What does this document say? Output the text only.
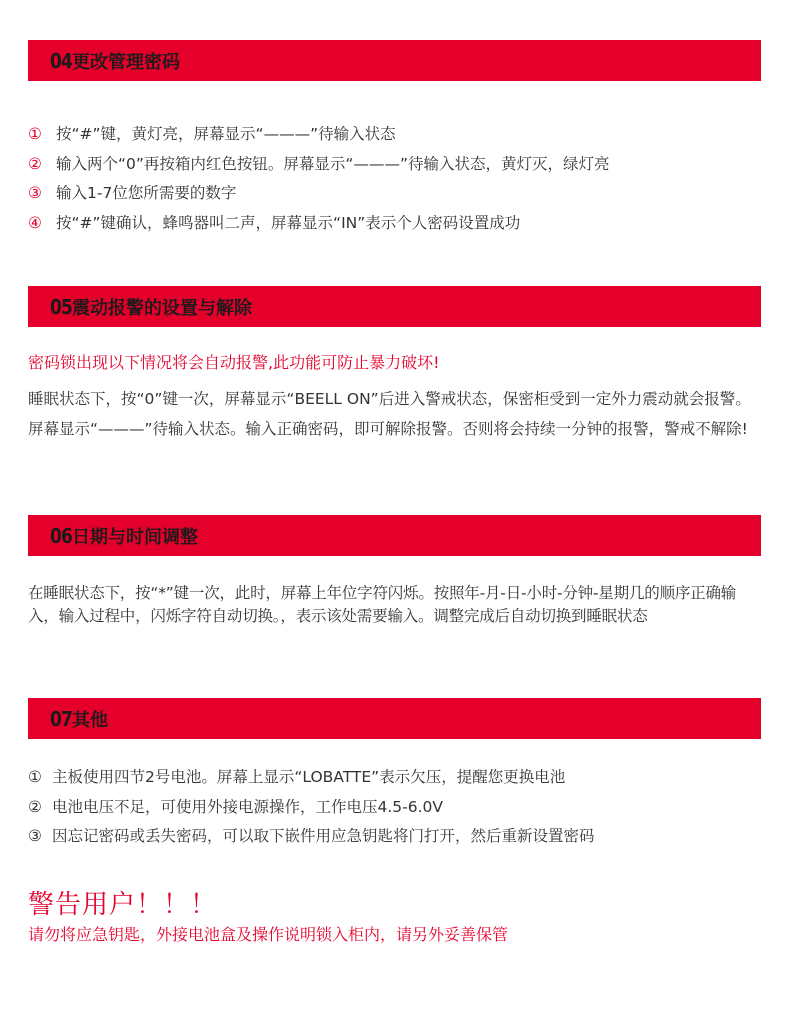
04 更改管理密码
① 按“#”键，黄灯亮，屏幕显示“———”待输入状态
② 输入两个“0”再按箱内红色按钮。屏幕显示“———”待输入状态，黄灯灭，绿灯亮
③ 输入1-7位您所需要的数字
④ 按“#”键确认，蜂鸣器叫二声，屏幕显示“IN”表示个人密码设置成功
05 震动报警的设置与解除

密码锁出现以下情况将会自动报警,此功能可防止暴力破坏!

睡眠状态下，按“0”键一次，屏幕显示“BEELL ON”后进入警戒状态，保密柜受到一定外力震动就会报警。屏幕显示“———”待输入状态。输入正确密码，即可解除报警。否则将会持续一分钟的报警，警戒不解除!

06 日期与时间调整

在睡眠状态下，按“*”键一次，此时，屏幕上年位字符闪烁。按照年-月-日-小时-分钟-星期几的顺序正确输入，输入过程中，闪烁字符自动切换。，表示该处需要输入。调整完成后自动切换到睡眠状态

07 其他
① 主板使用四节2号电池。屏幕上显示“LOBATTE”表示欠压，提醒您更换电池
② 电池电压不足，可使用外接电源操作，工作电压4.5-6.0V
③ 因忘记密码或丢失密码，可以取下嵌件用应急钥匙将门打开，然后重新设置密码
警告用户！！！

请勿将应急钥匙，外接电池盒及操作说明锁入柜内，请另外妥善保管
